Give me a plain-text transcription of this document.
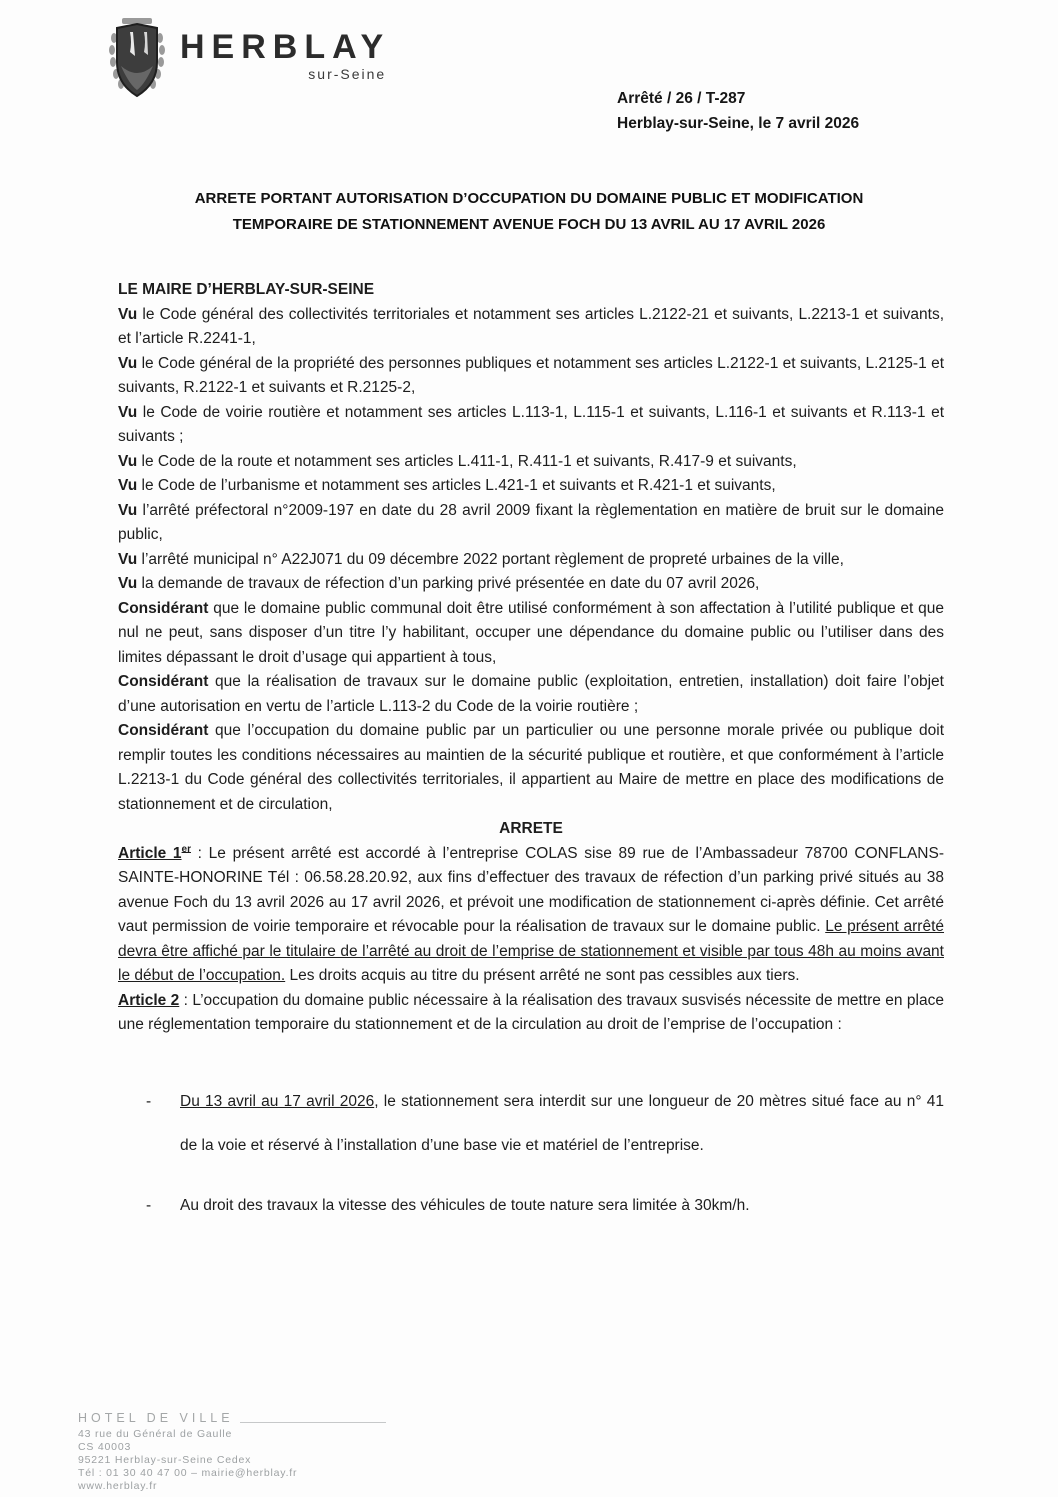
HERBLAY
sur-Seine
Arrêté / 26 / T-287
Herblay-sur-Seine, le 7 avril 2026
ARRETE PORTANT AUTORISATION D’OCCUPATION DU DOMAINE PUBLIC ET MODIFICATION
TEMPORAIRE DE STATIONNEMENT AVENUE FOCH DU 13 AVRIL AU 17 AVRIL 2026

LE MAIRE D’HERBLAY-SUR-SEINE

Vu le Code général des collectivités territoriales et notamment ses articles L.2122-21 et suivants, L.2213-1 et suivants, et l’article R.2241-1,

Vu le Code général de la propriété des personnes publiques et notamment ses articles L.2122-1 et suivants, L.2125-1 et suivants, R.2122-1 et suivants et R.2125-2,

Vu le Code de voirie routière et notamment ses articles L.113-1, L.115-1 et suivants, L.116-1 et suivants et R.113-1 et suivants ;

Vu le Code de la route et notamment ses articles L.411-1, R.411-1 et suivants, R.417-9 et suivants,

Vu le Code de l’urbanisme et notamment ses articles L.421-1 et suivants et R.421-1 et suivants,

Vu l’arrêté préfectoral n°2009-197 en date du 28 avril 2009 fixant la règlementation en matière de bruit sur le domaine public,

Vu l’arrêté municipal n° A22J071 du 09 décembre 2022 portant règlement de propreté urbaines de la ville,

Vu la demande de travaux de réfection d’un parking privé présentée en date du 07 avril 2026,

Considérant que le domaine public communal doit être utilisé conformément à son affectation à l’utilité publique et que nul ne peut, sans disposer d’un titre l’y habilitant, occuper une dépendance du domaine public ou l’utiliser dans des limites dépassant le droit d’usage qui appartient à tous,

Considérant que la réalisation de travaux sur le domaine public (exploitation, entretien, installation) doit faire l’objet d’une autorisation en vertu de l’article L.113-2 du Code de la voirie routière ;

Considérant que l’occupation du domaine public par un particulier ou une personne morale privée ou publique doit remplir toutes les conditions nécessaires au maintien de la sécurité publique et routière, et que conformément à l’article L.2213-1 du Code général des collectivités territoriales, il appartient au Maire de mettre en place des modifications de stationnement et de circulation,

ARRETE

Article 1er : Le présent arrêté est accordé à l’entreprise COLAS sise 89 rue de l’Ambassadeur 78700 CONFLANS-SAINTE-HONORINE Tél : 06.58.28.20.92, aux fins d’effectuer des travaux de réfection d’un parking privé situés au 38 avenue Foch du 13 avril 2026 au 17 avril 2026, et prévoit une modification de stationnement ci-après définie. Cet arrêté vaut permission de voirie temporaire et révocable pour la réalisation de travaux sur le domaine public. Le présent arrêté devra être affiché par le titulaire de l’arrêté au droit de l’emprise de stationnement et visible par tous 48h au moins avant le début de l’occupation. Les droits acquis au titre du présent arrêté ne sont pas cessibles aux tiers.

Article 2 : L’occupation du domaine public nécessaire à la réalisation des travaux susvisés nécessite de mettre en place une réglementation temporaire du stationnement et de la circulation au droit de l’emprise de l’occupation :

- Du 13 avril au 17 avril 2026, le stationnement sera interdit sur une longueur de 20 mètres situé face au n° 41 de la voie et réservé à l’installation d’une base vie et matériel de l’entreprise.
- Au droit des travaux la vitesse des véhicules de toute nature sera limitée à 30km/h.
HOTEL DE VILLE
43 rue du Général de Gaulle
CS 40003
95221 Herblay-sur-Seine Cedex
Tél : 01 30 40 47 00 – mairie@herblay.fr
www.herblay.fr
